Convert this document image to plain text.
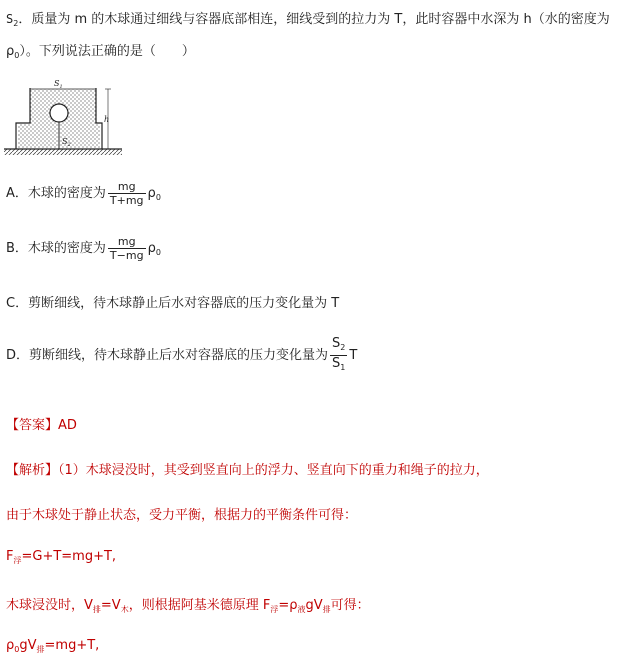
$S_2$．质量为 m 的木球通过细线与容器底部相连，细线受到的拉力为 T，此时容器中水深为 h（水的密度为
$\rho_0$）。下列说法正确的是（　　）
h
$S_1$
$S_2$
A．木球的密度为 $\frac{mg}{T+mg} \rho_0$
B．木球的密度为 $\frac{mg}{T-mg} \rho_0$
C．剪断细线，待木球静止后水对容器底的压力变化量为 T
D．剪断细线，待木球静止后水对容器底的压力变化量为 $\frac{S_2}{S_1}$ T
【答案】AD
【解析】（1）木球浸没时，其受到竖直向上的浮力、竖直向下的重力和绳子的拉力，
由于木球处于静止状态，受力平衡，根据力的平衡条件可得：
$F_浮=G+T=mg+T$,
木球浸没时，$V_排=V_木$，则根据阿基米德原理 $F_浮=\rho_液gV_排$可得：
$\rho_0gV_排=mg+T$,
